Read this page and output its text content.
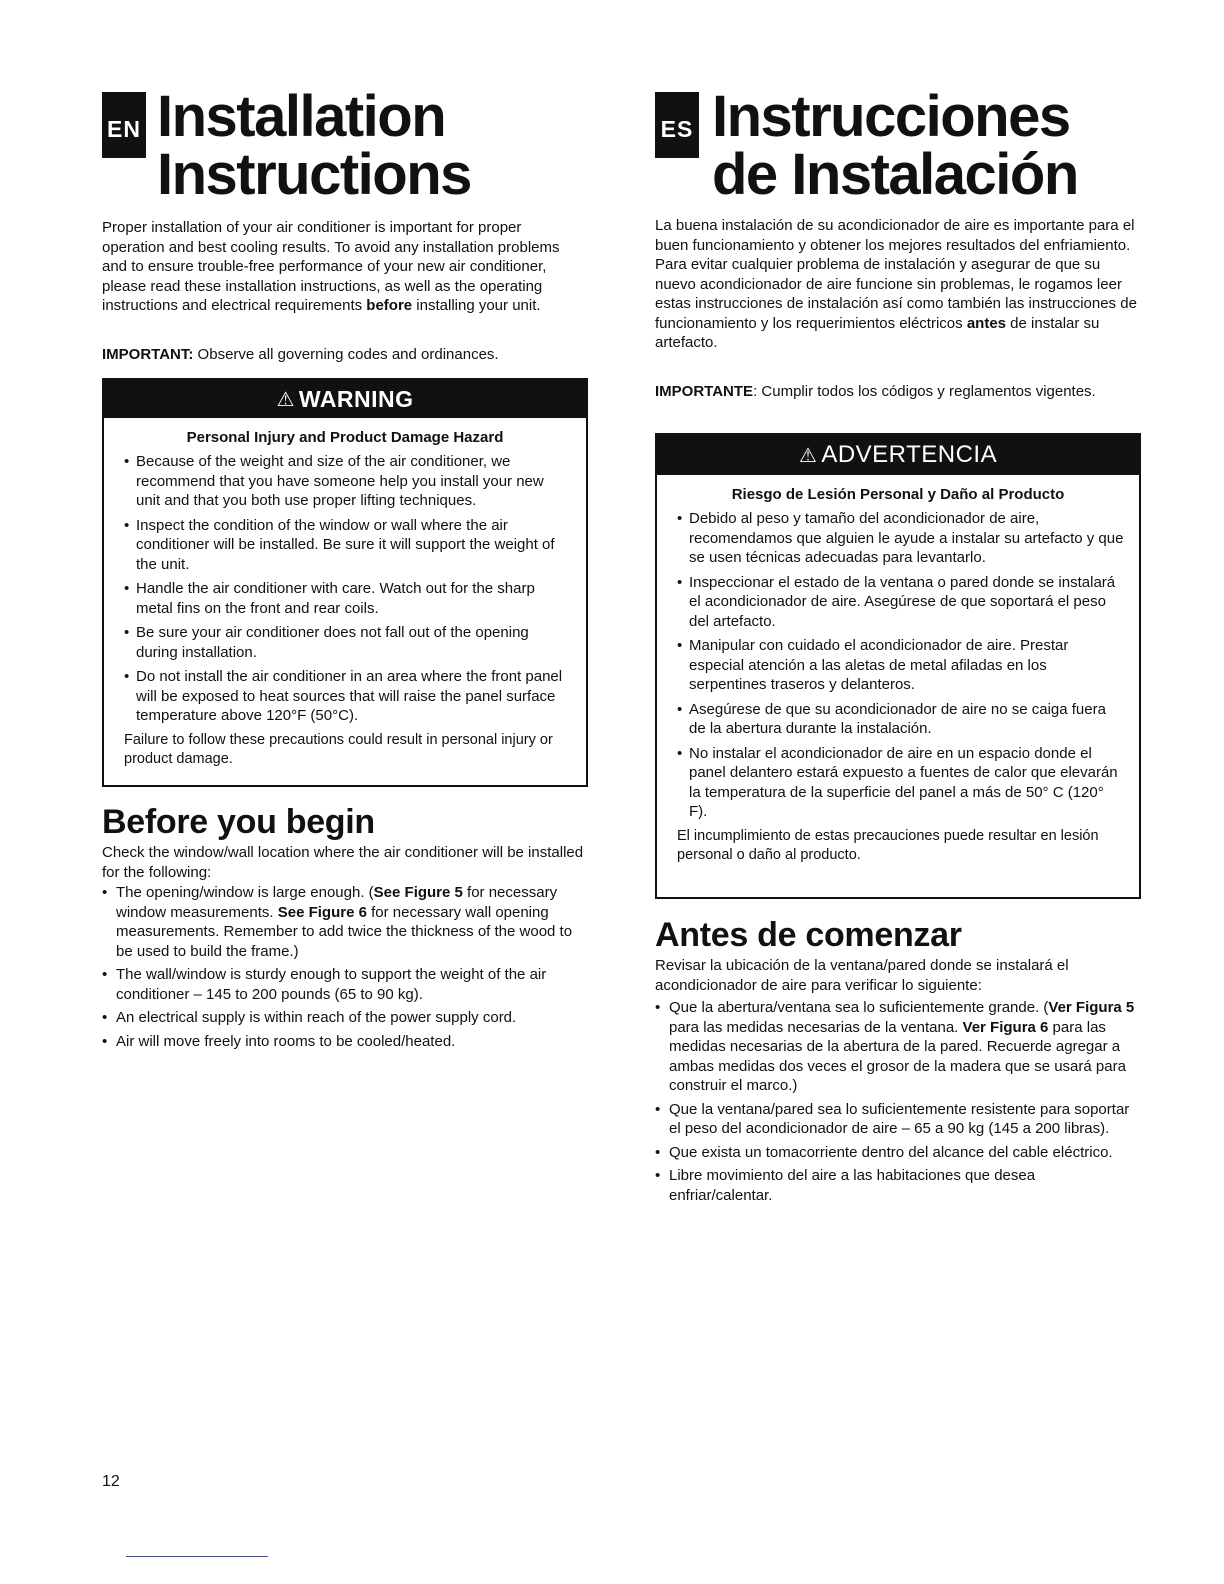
EN Installation
Instructions

Proper installation of your air conditioner is important for proper operation and best cooling results. To avoid any installation problems and to ensure trouble-free performance of your new air conditioner, please read these installation instructions, as well as the operating instructions and electrical requirements before installing your unit.

IMPORTANT: Observe all governing codes and ordinances.

⚠ WARNING
Personal Injury and Product Damage Hazard
• Because of the weight and size of the air conditioner, we recommend that you have someone help you install your new unit and that you both use proper lifting techniques.
• Inspect the condition of the window or wall where the air conditioner will be installed. Be sure it will support the weight of the unit.
• Handle the air conditioner with care. Watch out for the sharp metal fins on the front and rear coils.
• Be sure your air conditioner does not fall out of the opening during installation.
• Do not install the air conditioner in an area where the front panel will be exposed to heat sources that will raise the panel surface temperature above 120°F (50°C).

Failure to follow these precautions could result in personal injury or product damage.

Before you begin

Check the window/wall location where the air conditioner will be installed for the following:

• The opening/window is large enough. (See Figure 5 for necessary window measurements. See Figure 6 for necessary wall opening measurements. Remember to add twice the thickness of the wood to be used to build the frame.)
• The wall/window is sturdy enough to support the weight of the air conditioner – 145 to 200 pounds (65 to 90 kg).
• An electrical supply is within reach of the power supply cord.
• Air will move freely into rooms to be cooled/heated.
ES Instrucciones
de Instalación

La buena instalación de su acondicionador de aire es importante para el buen funcionamiento y obtener los mejores resultados del enfriamiento. Para evitar cualquier problema de instalación y asegurar de que su nuevo acondicionador de aire funcione sin problemas, le rogamos leer estas instrucciones de instalación así como también las instrucciones de funcionamiento y los requerimientos eléctricos antes de instalar su artefacto.

IMPORTANTE: Cumplir todos los códigos y reglamentos vigentes.

⚠ ADVERTENCIA
Riesgo de Lesión Personal y Daño al Producto
• Debido al peso y tamaño del acondicionador de aire, recomendamos que alguien le ayude a instalar su artefacto y que se usen técnicas adecuadas para levantarlo.
• Inspeccionar el estado de la ventana o pared donde se instalará el acondicionador de aire. Asegúrese de que soportará el peso del artefacto.
• Manipular con cuidado el acondicionador de aire. Prestar especial atención a las aletas de metal afiladas en los serpentines traseros y delanteros.
• Asegúrese de que su acondicionador de aire no se caiga fuera de la abertura durante la instalación.
• No instalar el acondicionador de aire en un espacio donde el panel delantero estará expuesto a fuentes de calor que elevarán la temperatura de la superficie del panel a más de 50° C (120° F).

El incumplimiento de estas precauciones puede resultar en lesión personal o daño al producto.

Antes de comenzar

Revisar la ubicación de la ventana/pared donde se instalará el acondicionador de aire para verificar lo siguiente:

• Que la abertura/ventana sea lo suficientemente grande. (Ver Figura 5 para las medidas necesarias de la ventana. Ver Figura 6 para las medidas necesarias de la abertura de la pared. Recuerde agregar a ambas medidas dos veces el grosor de la madera que se usará para construir el marco.)
• Que la ventana/pared sea lo suficientemente resistente para soportar el peso del acondicionador de aire – 65 a 90 kg (145 a 200 libras).
• Que exista un tomacorriente dentro del alcance del cable eléctrico.
• Libre movimiento del aire a las habitaciones que desea enfriar/calentar.
12
